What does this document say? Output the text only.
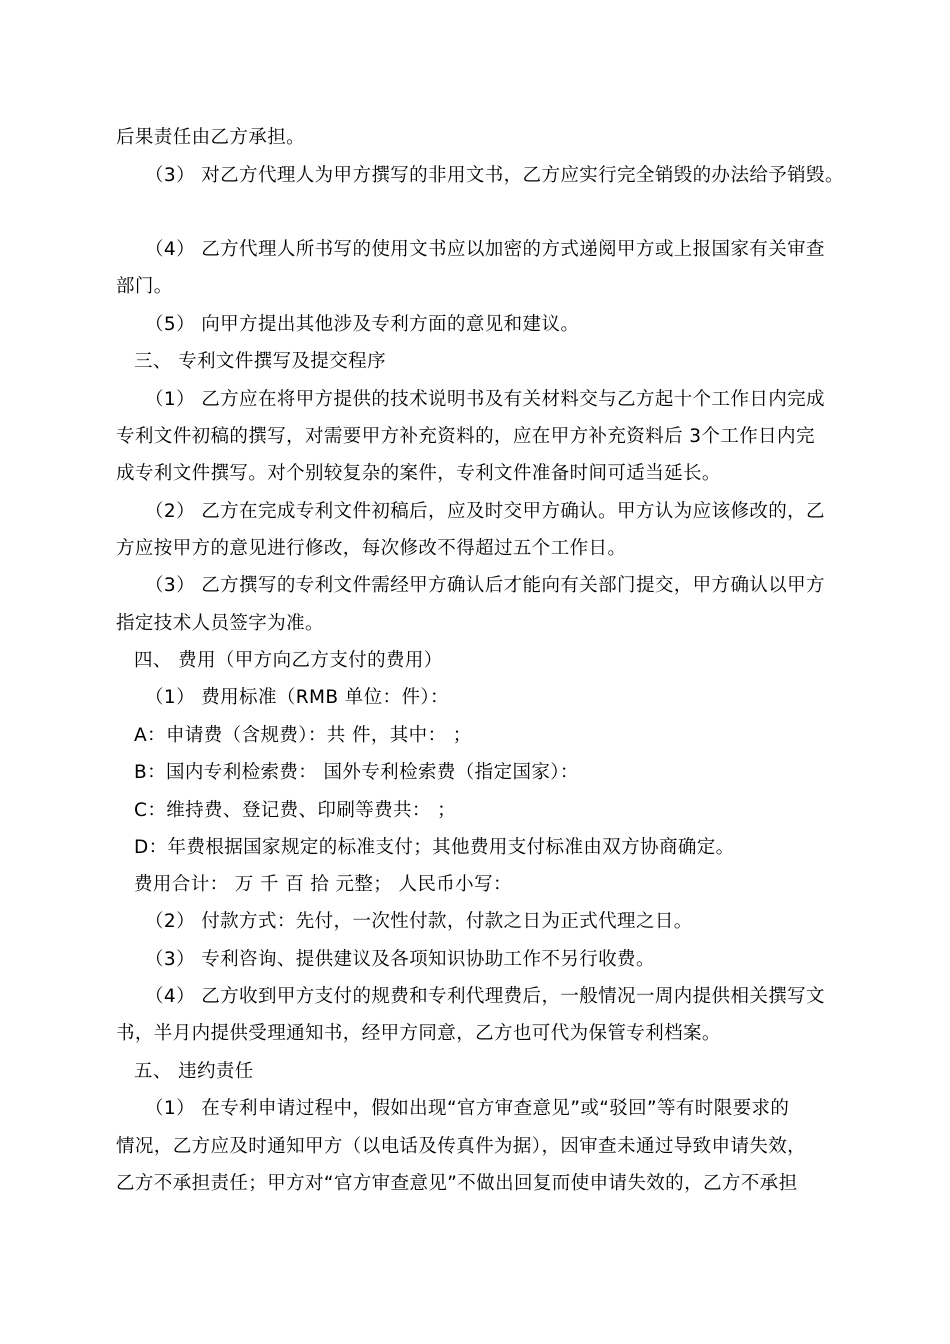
后果责任由乙方承担。
（3） 对乙方代理人为甲方撰写的非用文书，乙方应实行完全销毁的办法给予销毁。
（4） 乙方代理人所书写的使用文书应以加密的方式递阅甲方或上报国家有关审查
部门。
（5） 向甲方提出其他涉及专利方面的意见和建议。
三、 专利文件撰写及提交程序
（1） 乙方应在将甲方提供的技术说明书及有关材料交与乙方起十个工作日内完成
专利文件初稿的撰写，对需要甲方补充资料的，应在甲方补充资料后 3个工作日内完
成专利文件撰写。对个别较复杂的案件，专利文件准备时间可适当延长。
（2） 乙方在完成专利文件初稿后，应及时交甲方确认。甲方认为应该修改的，乙
方应按甲方的意见进行修改，每次修改不得超过五个工作日。
（3） 乙方撰写的专利文件需经甲方确认后才能向有关部门提交，甲方确认以甲方
指定技术人员签字为准。
四、 费用（甲方向乙方支付的费用）
（1） 费用标准（RMB 单位：件）：
A：申请费（含规费）：共 件，其中： ；
B：国内专利检索费： 国外专利检索费（指定国家）：
C：维持费、登记费、印刷等费共： ；
D：年费根据国家规定的标准支付；其他费用支付标准由双方协商确定。
费用合计： 万 千 百 拾 元整； 人民币小写：
（2） 付款方式：先付，一次性付款，付款之日为正式代理之日。
（3） 专利咨询、提供建议及各项知识协助工作不另行收费。
（4） 乙方收到甲方支付的规费和专利代理费后，一般情况一周内提供相关撰写文
书，半月内提供受理通知书，经甲方同意，乙方也可代为保管专利档案。
五、 违约责任
（1） 在专利申请过程中，假如出现“官方审查意见”或“驳回”等有时限要求的
情况，乙方应及时通知甲方（以电话及传真件为据），因审查未通过导致申请失效，
乙方不承担责任；甲方对“官方审查意见”不做出回复而使申请失效的，乙方不承担
